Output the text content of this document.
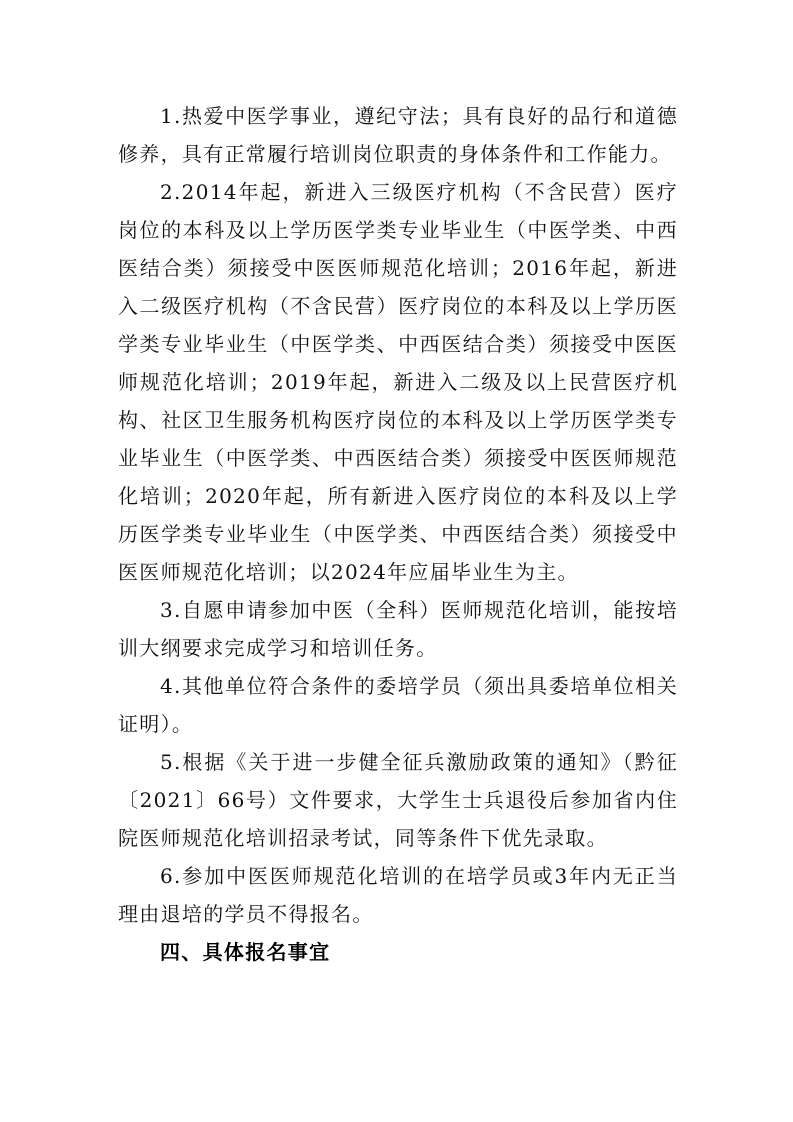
1.热爱中医学事业，遵纪守法；具有良好的品行和道德修养，具有正常履行培训岗位职责的身体条件和工作能力。

2.2014年起，新进入三级医疗机构（不含民营）医疗岗位的本科及以上学历医学类专业毕业生（中医学类、中西医结合类）须接受中医医师规范化培训；2016年起，新进入二级医疗机构（不含民营）医疗岗位的本科及以上学历医学类专业毕业生（中医学类、中西医结合类）须接受中医医师规范化培训；2019年起，新进入二级及以上民营医疗机构、社区卫生服务机构医疗岗位的本科及以上学历医学类专业毕业生（中医学类、中西医结合类）须接受中医医师规范化培训；2020年起，所有新进入医疗岗位的本科及以上学历医学类专业毕业生（中医学类、中西医结合类）须接受中医医师规范化培训；以2024年应届毕业生为主。

3.自愿申请参加中医（全科）医师规范化培训，能按培训大纲要求完成学习和培训任务。

4.其他单位符合条件的委培学员（须出具委培单位相关证明）。

5.根据《关于进一步健全征兵激励政策的通知》（黔征〔2021〕66号）文件要求，大学生士兵退役后参加省内住院医师规范化培训招录考试，同等条件下优先录取。

6.参加中医医师规范化培训的在培学员或3年内无正当理由退培的学员不得报名。

四、具体报名事宜
